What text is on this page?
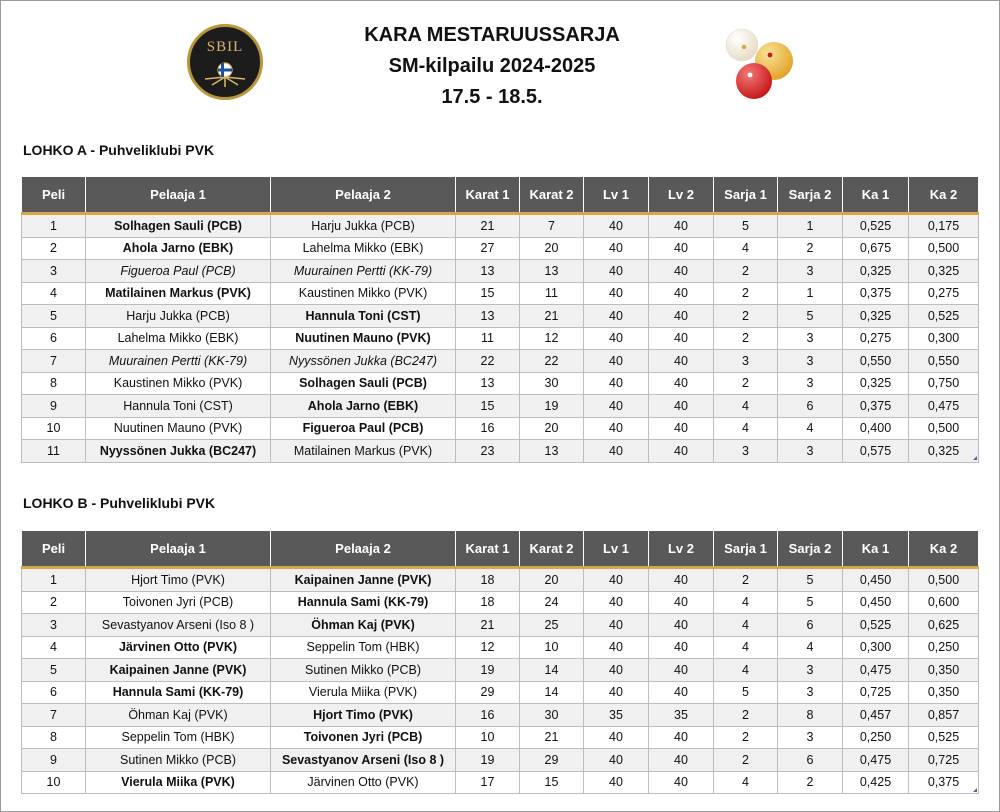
SBIL
KARA MESTARUUSSARJA
SM-kilpailu 2024-2025
17.5 - 18.5.
LOHKO A - Puhveliklubi PVK
Peli	Pelaaja 1	Pelaaja 2	Karat 1	Karat 2	Lv 1	Lv 2	Sarja 1	Sarja 2	Ka 1	Ka 2
1	Solhagen Sauli (PCB)	Harju Jukka (PCB)	21	7	40	40	5	1	0,525	0,175
2	Ahola Jarno (EBK)	Lahelma Mikko (EBK)	27	20	40	40	4	2	0,675	0,500
3	Figueroa Paul (PCB)	Muurainen Pertti (KK-79)	13	13	40	40	2	3	0,325	0,325
4	Matilainen Markus (PVK)	Kaustinen Mikko (PVK)	15	11	40	40	2	1	0,375	0,275
5	Harju Jukka (PCB)	Hannula Toni (CST)	13	21	40	40	2	5	0,325	0,525
6	Lahelma Mikko (EBK)	Nuutinen Mauno (PVK)	11	12	40	40	2	3	0,275	0,300
7	Muurainen Pertti (KK-79)	Nyyssönen Jukka (BC247)	22	22	40	40	3	3	0,550	0,550
8	Kaustinen Mikko (PVK)	Solhagen Sauli (PCB)	13	30	40	40	2	3	0,325	0,750
9	Hannula Toni (CST)	Ahola Jarno (EBK)	15	19	40	40	4	6	0,375	0,475
10	Nuutinen Mauno (PVK)	Figueroa Paul (PCB)	16	20	40	40	4	4	0,400	0,500
11	Nyyssönen Jukka (BC247)	Matilainen Markus (PVK)	23	13	40	40	3	3	0,575	0,325
LOHKO B - Puhveliklubi PVK
Peli	Pelaaja 1	Pelaaja 2	Karat 1	Karat 2	Lv 1	Lv 2	Sarja 1	Sarja 2	Ka 1	Ka 2
1	Hjort Timo (PVK)	Kaipainen Janne (PVK)	18	20	40	40	2	5	0,450	0,500
2	Toivonen Jyri (PCB)	Hannula Sami (KK-79)	18	24	40	40	4	5	0,450	0,600
3	Sevastyanov Arseni (Iso 8 )	Öhman Kaj (PVK)	21	25	40	40	4	6	0,525	0,625
4	Järvinen Otto (PVK)	Seppelin Tom (HBK)	12	10	40	40	4	4	0,300	0,250
5	Kaipainen Janne (PVK)	Sutinen Mikko (PCB)	19	14	40	40	4	3	0,475	0,350
6	Hannula Sami (KK-79)	Vierula Miika (PVK)	29	14	40	40	5	3	0,725	0,350
7	Öhman Kaj (PVK)	Hjort Timo (PVK)	16	30	35	35	2	8	0,457	0,857
8	Seppelin Tom (HBK)	Toivonen Jyri (PCB)	10	21	40	40	2	3	0,250	0,525
9	Sutinen Mikko (PCB)	Sevastyanov Arseni (Iso 8 )	19	29	40	40	2	6	0,475	0,725
10	Vierula Miika (PVK)	Järvinen Otto (PVK)	17	15	40	40	4	2	0,425	0,375
